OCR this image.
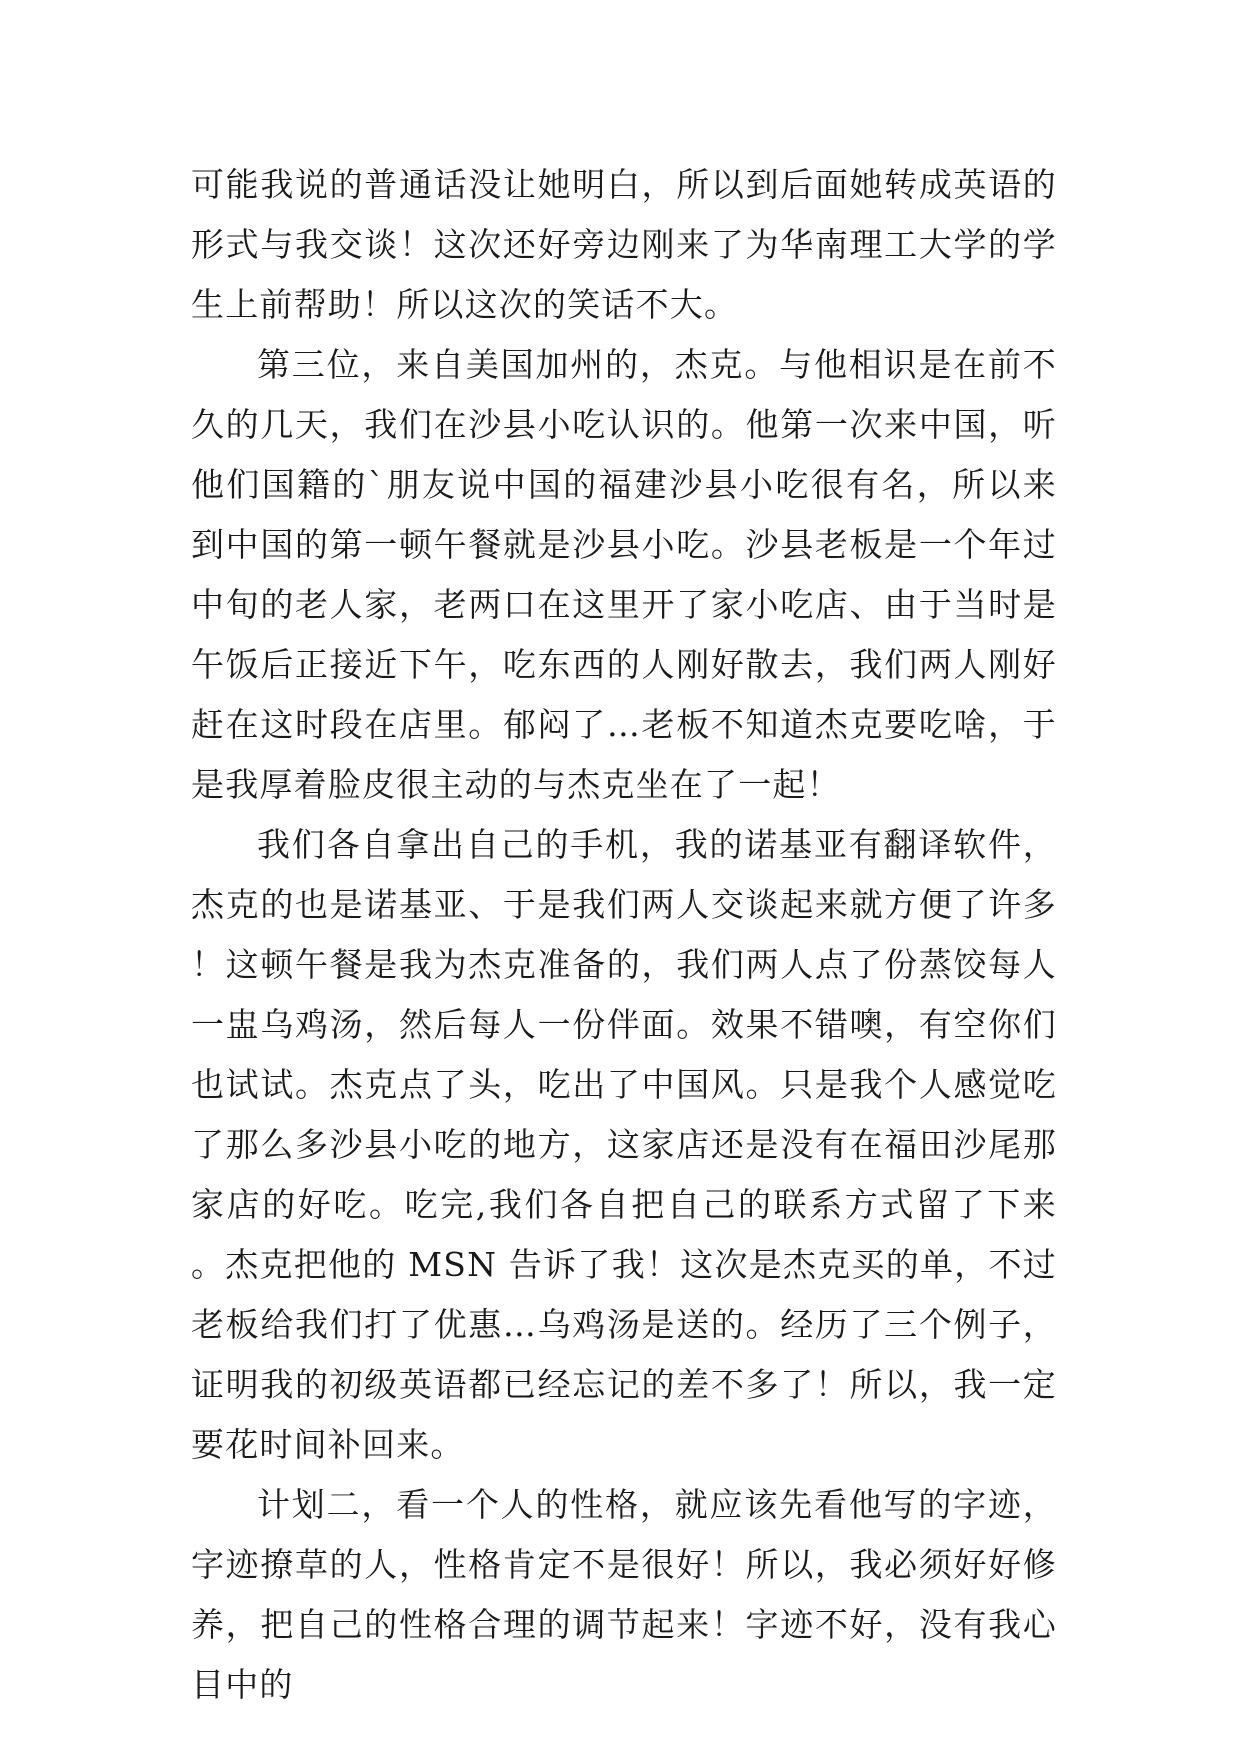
可能我说的普通话没让她明白，所以到后面她转成英语的形式与我交谈！这次还好旁边刚来了为华南理工大学的学生上前帮助！所以这次的笑话不大。

第三位，来自美国加州的，杰克。与他相识是在前不久的几天，我们在沙县小吃认识的。他第一次来中国，听他们国籍的`朋友说中国的福建沙县小吃很有名，所以来到中国的第一顿午餐就是沙县小吃。沙县老板是一个年过中旬的老人家，老两口在这里开了家小吃店、由于当时是午饭后正接近下午，吃东西的人刚好散去，我们两人刚好赶在这时段在店里。郁闷了…老板不知道杰克要吃啥，于是我厚着脸皮很主动的与杰克坐在了一起！

我们各自拿出自己的手机，我的诺基亚有翻译软件，杰克的也是诺基亚、于是我们两人交谈起来就方便了许多！这顿午餐是我为杰克准备的，我们两人点了份蒸饺每人一盅乌鸡汤，然后每人一份伴面。效果不错噢，有空你们也试试。杰克点了头，吃出了中国风。只是我个人感觉吃了那么多沙县小吃的地方，这家店还是没有在福田沙尾那家店的好吃。吃完,我们各自把自己的联系方式留了下来。杰克把他的 MSN 告诉了我！这次是杰克买的单，不过老板给我们打了优惠…乌鸡汤是送的。经历了三个例子，证明我的初级英语都已经忘记的差不多了！所以，我一定要花时间补回来。

计划二，看一个人的性格，就应该先看他写的字迹，字迹撩草的人，性格肯定不是很好！所以，我必须好好修养，把自己的性格合理的调节起来！字迹不好，没有我心目中的
